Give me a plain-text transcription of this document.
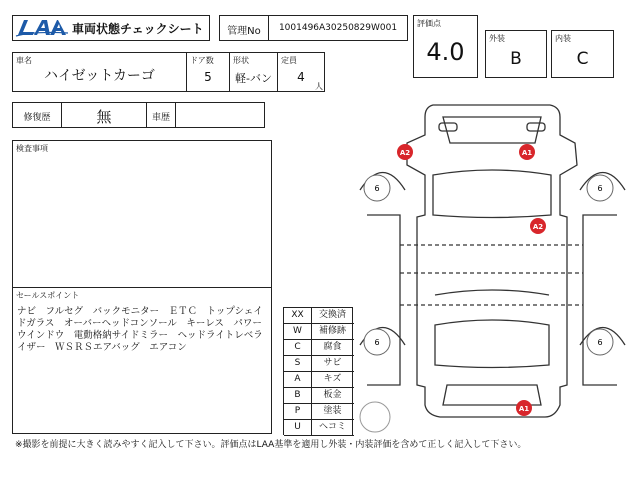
車両状態チェックシート	管理No	1001496A30250829W001	評価点
4.0	外装
B
内装
C
車名
ハイゼットカーゴ
ドア数
5
形状
軽-バン
定員
4
人
修復歴	無	車歴
検査事項
セールスポイント
ナビ　フルセグ　バックモニター　ＥＴＣ　トップシェイドガラス　オーバーヘッドコンソール　キーレス　パワーウインドウ　電動格納サイドミラー　ヘッドライトレベライザー　ＷＳＲＳエアバッグ　エアコン
XX	交換済
W	補修跡
C	腐食
S	サビ
A	キズ
B	板金
P	塗装
U	ヘコミ
6	6
6	6
A2	A1
A2
A1
※撮影を前提に大きく読みやすく記入して下さい。評価点はLAA基準を適用し外装・内装評価を含めて正しく記入して下さい。
